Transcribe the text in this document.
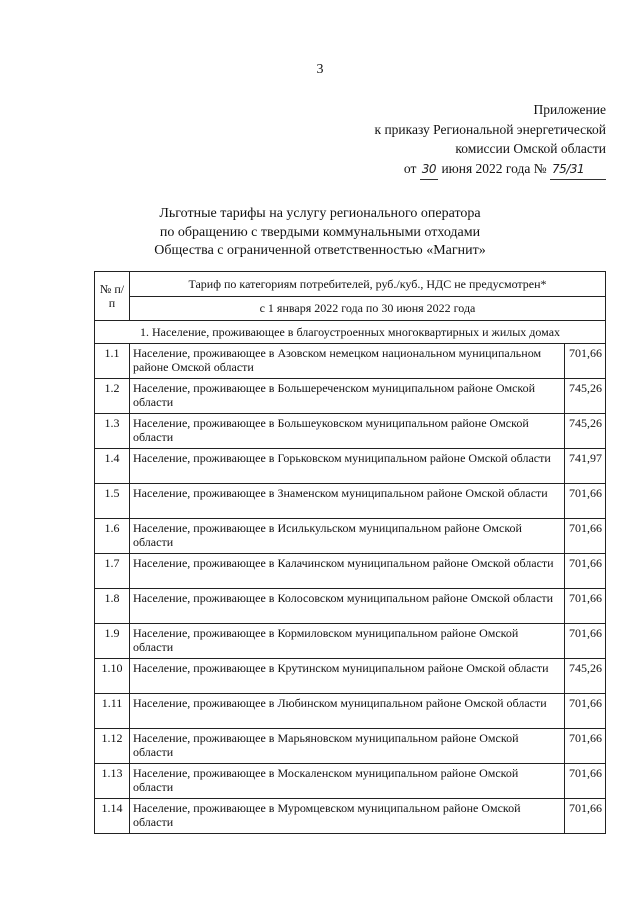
3
Приложение
к приказу Региональной энергетической
комиссии Омской области
от 30 июня 2022 года № 75/31
Льготные тарифы на услугу регионального оператора
по обращению с твердыми коммунальными отходами
Общества с ограниченной ответственностью «Магнит»
№ п/п	Тариф по категориям потребителей, руб./куб., НДС не предусмотрен*	
	с 1 января 2022 года по 30 июня 2022 года	
1. Население, проживающее в благоустроенных многоквартирных и жилых домах		
1.1	Население, проживающее в Азовском немецком национальном муниципальном районе Омской области	701,66
1.2	Население, проживающее в Большереченском муниципальном районе Омской области	745,26
1.3	Население, проживающее в Большеуковском муниципальном районе Омской области	745,26
1.4	Население, проживающее в Горьковском муниципальном районе Омской области	741,97
1.5	Население, проживающее в Знаменском муниципальном районе Омской области	701,66
1.6	Население, проживающее в Исилькульском муниципальном районе Омской области	701,66
1.7	Население, проживающее в Калачинском муниципальном районе Омской области	701,66
1.8	Население, проживающее в Колосовском муниципальном районе Омской области	701,66
1.9	Население, проживающее в Кормиловском муниципальном районе Омской области	701,66
1.10	Население, проживающее в Крутинском муниципальном районе Омской области	745,26
1.11	Население, проживающее в Любинском муниципальном районе Омской области	701,66
1.12	Население, проживающее в Марьяновском муниципальном районе Омской области	701,66
1.13	Население, проживающее в Москаленском муниципальном районе Омской области	701,66
1.14	Население, проживающее в Муромцевском муниципальном районе Омской области	701,66
